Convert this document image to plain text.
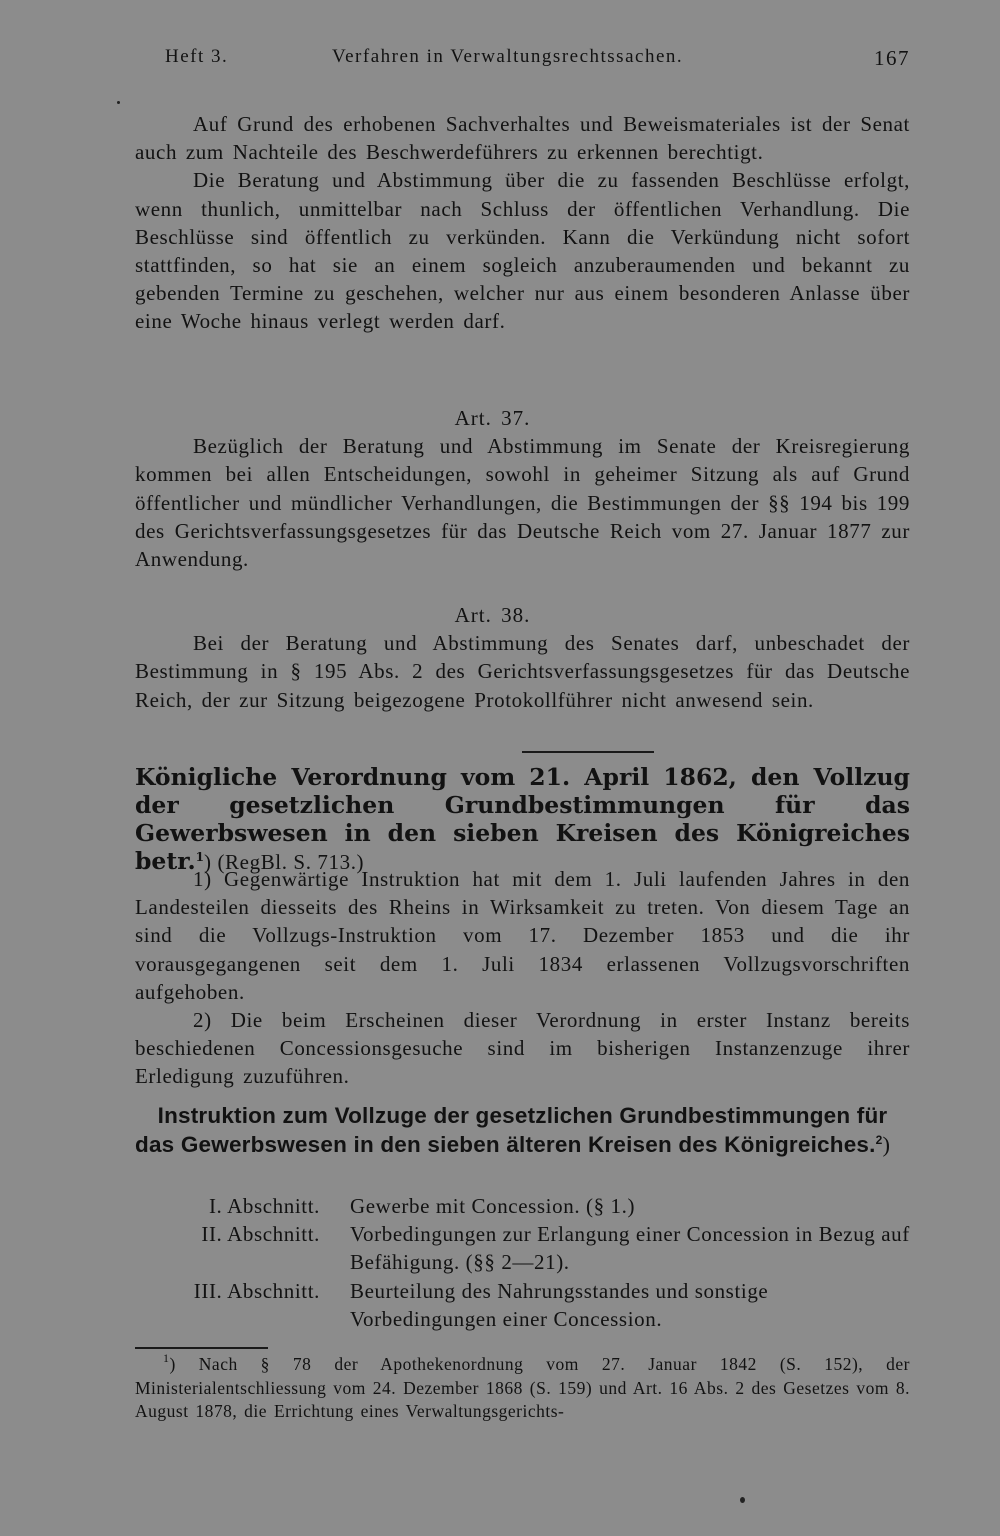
Heft 3.	Verfahren in Verwaltungsrechtssachen.	167

Auf Grund des erhobenen Sachverhaltes und Beweismateriales ist der Senat auch zum Nachteile des Beschwerdeführers zu erkennen berechtigt.

Die Beratung und Abstimmung über die zu fassenden Beschlüsse erfolgt, wenn thunlich, unmittelbar nach Schluss der öffentlichen Verhandlung. Die Beschlüsse sind öffentlich zu verkünden. Kann die Verkündung nicht sofort stattfinden, so hat sie an einem sogleich anzuberaumenden und bekannt zu gebenden Termine zu geschehen, welcher nur aus einem besonderen Anlasse über eine Woche hinaus verlegt werden darf.

Art. 37.

Bezüglich der Beratung und Abstimmung im Senate der Kreisregierung kommen bei allen Entscheidungen, sowohl in geheimer Sitzung als auf Grund öffentlicher und mündlicher Verhandlungen, die Bestimmungen der §§ 194 bis 199 des Gerichtsverfassungsgesetzes für das Deutsche Reich vom 27. Januar 1877 zur Anwendung.

Art. 38.

Bei der Beratung und Abstimmung des Senates darf, unbeschadet der Bestimmung in § 195 Abs. 2 des Gerichtsverfassungsgesetzes für das Deutsche Reich, der zur Sitzung beigezogene Protokollführer nicht anwesend sein.

Königliche Verordnung vom 21. April 1862, den Vollzug der gesetzlichen Grundbestimmungen für das Gewerbswesen in den sieben Kreisen des Königreiches betr.$^1$) (RegBl. S. 713.)

1) Gegenwärtige Instruktion hat mit dem 1. Juli laufenden Jahres in den Landesteilen diesseits des Rheins in Wirksamkeit zu treten. Von diesem Tage an sind die Vollzugs-Instruktion vom 17. Dezember 1853 und die ihr vorausgegangenen seit dem 1. Juli 1834 erlassenen Vollzugsvorschriften aufgehoben.

2) Die beim Erscheinen dieser Verordnung in erster Instanz bereits beschiedenen Concessionsgesuche sind im bisherigen Instanzenzuge ihrer Erledigung zuzuführen.

Instruktion zum Vollzuge der gesetzlichen Grundbestimmungen für das Gewerbswesen in den sieben älteren Kreisen des Königreiches.$^2$)

I. Abschnitt. Gewerbe mit Concession. (§ 1.)
II. Abschnitt. Vorbedingungen zur Erlangung einer Concession in Bezug auf Befähigung. (§§ 2—21).
III. Abschnitt. Beurteilung des Nahrungsstandes und sonstige Vorbedingungen einer Concession.

$^1$) Nach § 78 der Apothekenordnung vom 27. Januar 1842 (S. 152), der Ministerialentschliessung vom 24. Dezember 1868 (S. 159) und Art. 16 Abs. 2 des Gesetzes vom 8. August 1878, die Errichtung eines Verwaltungsgerichts-
